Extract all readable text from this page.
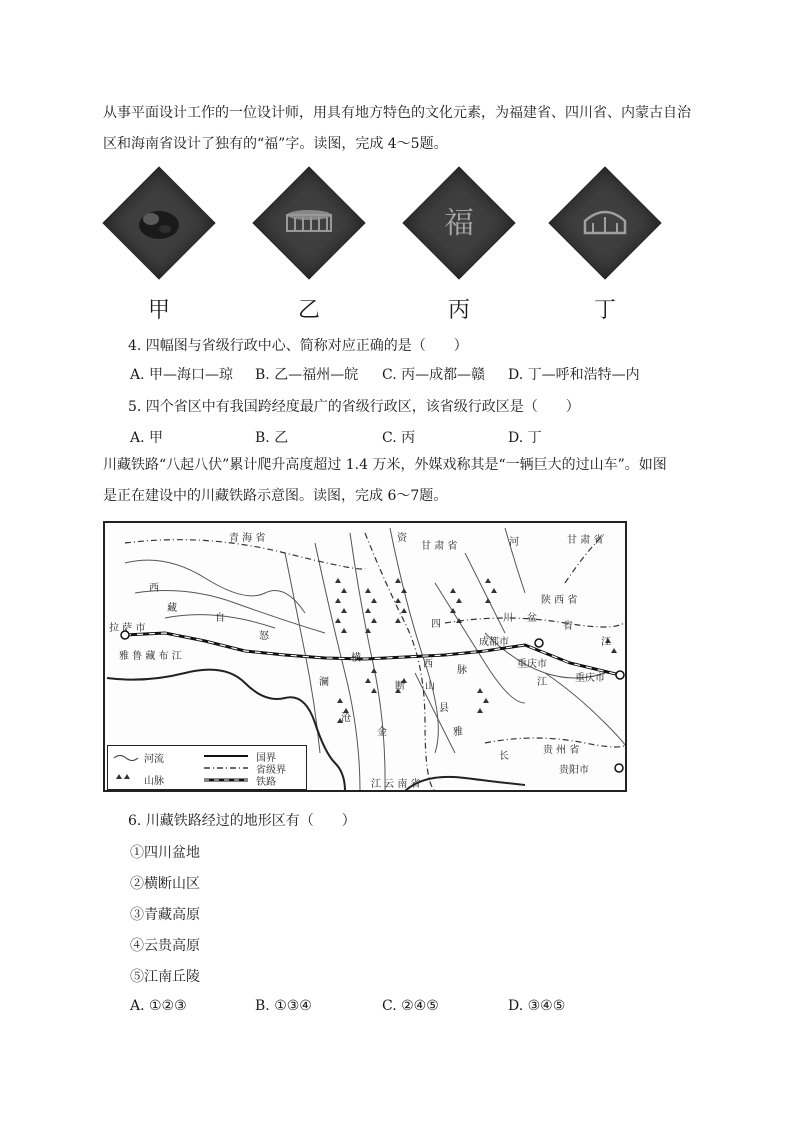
从事平面设计工作的一位设计师，用具有地方特色的文化元素，为福建省、四川省、内蒙古自治
区和海南省设计了独有的“福”字。读图，完成 4～5题。

福
甲	乙	丙	丁

4. 四幅图与省级行政中心、简称对应正确的是（　　）

A. 甲—海口—琼 B. 乙—福州—皖 C. 丙—成都—赣 D. 丁—呼和浩特—内

5. 四个省区中有我国跨经度最广的省级行政区，该省级行政区是（　　）

A. 甲	B. 乙	C. 丙	D. 丁

川藏铁路“八起八伏”累计爬升高度超过 1.4 万米，外媒戏称其是“一辆巨大的过山车”。如图
是正在建设中的川藏铁路示意图。读图，完成 6～7题。

青 海 省	资
甘 肃 省	河	甘 肃 省
陕 西 省
西
藏
自
拉 萨 市
怒
雅 鲁 藏 布 江
四
川 盆
省
成都市	江
重庆市
江	重庆市
横
断 山
脉
西
县
澜
沧
金	雅
长
江 云 南 省
贵 州 省
贵阳市
河流
山脉
国界
省级界
铁路

6. 川藏铁路经过的地形区有（　　）

①四川盆地
②横断山区
③青藏高原
④云贵高原
⑤江南丘陵
A. ①②③	B. ①③④	C. ②④⑤	D. ③④⑤
